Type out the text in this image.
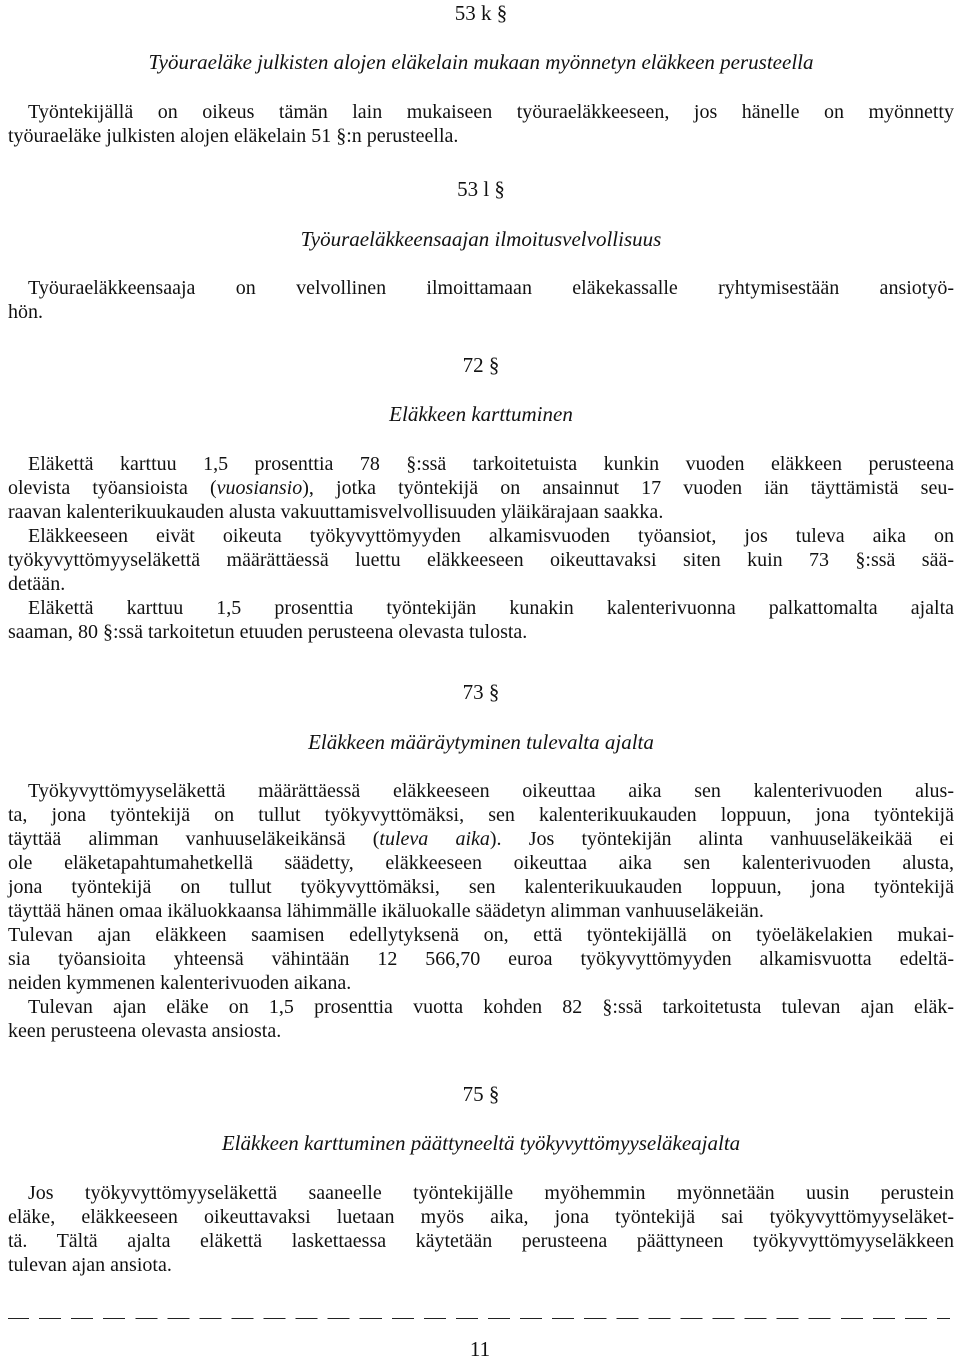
53 k §
Työuraeläke julkisten alojen eläkelain mukaan myönnetyn eläkkeen perusteella
Työntekijällä on oikeus tämän lain mukaiseen työuraeläkkeeseen, jos hänelle on myönnetty
työuraeläke julkisten alojen eläkelain 51 §:n perusteella.
53 l §
Työuraeläkkeensaajan ilmoitusvelvollisuus
Työuraeläkkeensaaja on velvollinen ilmoittamaan eläkekassalle ryhtymisestään ansiotyö-
hön.
72 §
Eläkkeen karttuminen
Eläkettä karttuu 1,5 prosenttia 78 §:ssä tarkoitetuista kunkin vuoden eläkkeen perusteena
olevista työansioista (vuosiansio), jotka työntekijä on ansainnut 17 vuoden iän täyttämistä seu-
raavan kalenterikuukauden alusta vakuuttamisvelvollisuuden yläikärajaan saakka.
Eläkkeeseen eivät oikeuta työkyvyttömyyden alkamisvuoden työansiot, jos tuleva aika on
työkyvyttömyyseläkettä määrättäessä luettu eläkkeeseen oikeuttavaksi siten kuin 73 §:ssä sää-
detään.
Eläkettä karttuu 1,5 prosenttia työntekijän kunakin kalenterivuonna palkattomalta ajalta
saaman, 80 §:ssä tarkoitetun etuuden perusteena olevasta tulosta.
73 §
Eläkkeen määräytyminen tulevalta ajalta
Työkyvyttömyyseläkettä määrättäessä eläkkeeseen oikeuttaa aika sen kalenterivuoden alus-
ta, jona työntekijä on tullut työkyvyttömäksi, sen kalenterikuukauden loppuun, jona työntekijä
täyttää alimman vanhuuseläkeikänsä (tuleva aika). Jos työntekijän alinta vanhuuseläkeikää ei
ole eläketapahtumahetkellä säädetty, eläkkeeseen oikeuttaa aika sen kalenterivuoden alusta,
jona työntekijä on tullut työkyvyttömäksi, sen kalenterikuukauden loppuun, jona työntekijä
täyttää hänen omaa ikäluokkaansa lähimmälle ikäluokalle säädetyn alimman vanhuuseläkeiän.
Tulevan ajan eläkkeen saamisen edellytyksenä on, että työntekijällä on työeläkelakien mukai-
sia työansioita yhteensä vähintään 12 566,70 euroa työkyvyttömyyden alkamisvuotta edeltä-
neiden kymmenen kalenterivuoden aikana.
Tulevan ajan eläke on 1,5 prosenttia vuotta kohden 82 §:ssä tarkoitetusta tulevan ajan eläk-
keen perusteena olevasta ansiosta.
75 §
Eläkkeen karttuminen päättyneeltä työkyvyttömyyseläkeajalta
Jos työkyvyttömyyseläkettä saaneelle työntekijälle myöhemmin myönnetään uusin perustein
eläke, eläkkeeseen oikeuttavaksi luetaan myös aika, jona työntekijä sai työkyvyttömyyseläket-
tä. Tältä ajalta eläkettä laskettaessa käytetään perusteena päättyneen työkyvyttömyyseläkkeen
tulevan ajan ansiota.
11
